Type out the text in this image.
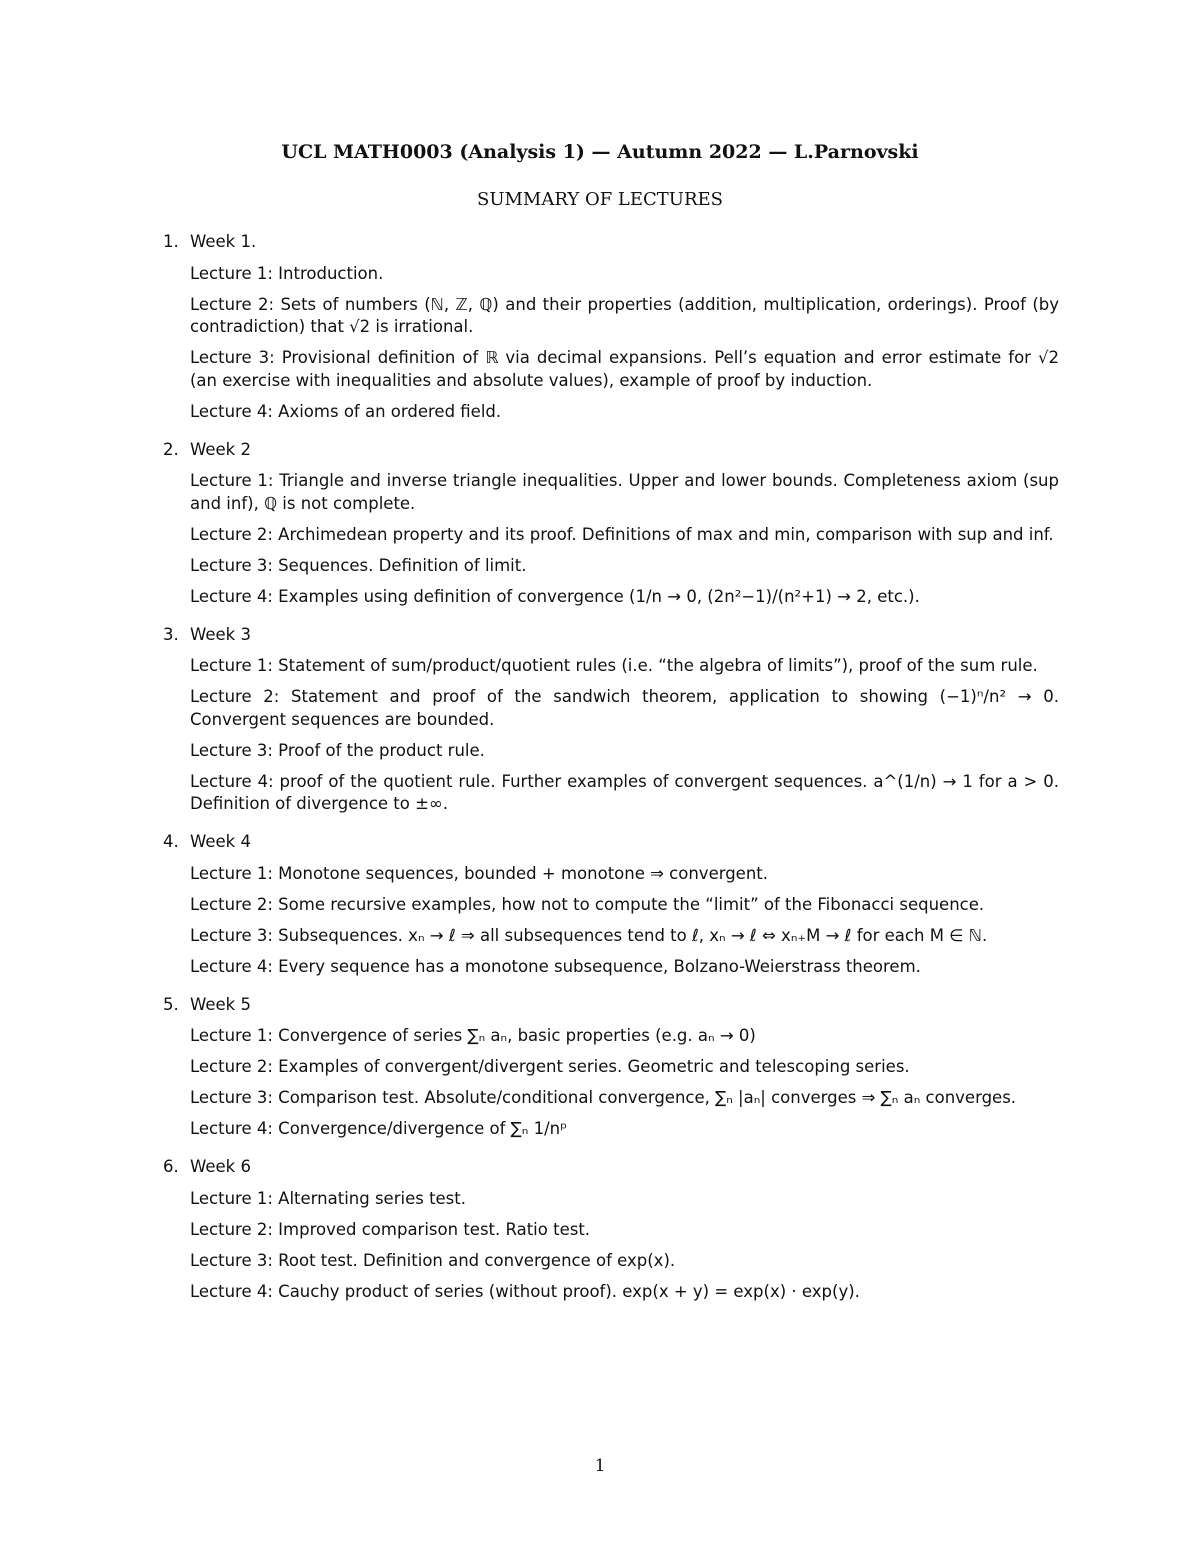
UCL MATH0003 (Analysis 1) — Autumn 2022 — L.Parnovski
SUMMARY OF LECTURES
1. Week 1.
Lecture 1: Introduction.
Lecture 2: Sets of numbers (ℕ, ℤ, ℚ) and their properties (addition, multiplication, orderings). Proof (by contradiction) that √2 is irrational.
Lecture 3: Provisional definition of ℝ via decimal expansions. Pell’s equation and error estimate for √2 (an exercise with inequalities and absolute values), example of proof by induction.
Lecture 4: Axioms of an ordered field.
2. Week 2
Lecture 1: Triangle and inverse triangle inequalities. Upper and lower bounds. Completeness axiom (sup and inf), ℚ is not complete.
Lecture 2: Archimedean property and its proof. Definitions of max and min, comparison with sup and inf.
Lecture 3: Sequences. Definition of limit.
Lecture 4: Examples using definition of convergence (1/n → 0, (2n²−1)/(n²+1) → 2, etc.).
3. Week 3
Lecture 1: Statement of sum/product/quotient rules (i.e. “the algebra of limits”), proof of the sum rule.
Lecture 2: Statement and proof of the sandwich theorem, application to showing (−1)ⁿ/n² → 0. Convergent sequences are bounded.
Lecture 3: Proof of the product rule.
Lecture 4: proof of the quotient rule. Further examples of convergent sequences. a^(1/n) → 1 for a > 0. Definition of divergence to ±∞.
4. Week 4
Lecture 1: Monotone sequences, bounded + monotone ⇒ convergent.
Lecture 2: Some recursive examples, how not to compute the “limit” of the Fibonacci sequence.
Lecture 3: Subsequences. xₙ → ℓ ⇒ all subsequences tend to ℓ, xₙ → ℓ ⇔ xₙ₊M → ℓ for each M ∈ ℕ.
Lecture 4: Every sequence has a monotone subsequence, Bolzano-Weierstrass theorem.
5. Week 5
Lecture 1: Convergence of series ∑ₙ aₙ, basic properties (e.g. aₙ → 0)
Lecture 2: Examples of convergent/divergent series. Geometric and telescoping series.
Lecture 3: Comparison test. Absolute/conditional convergence, ∑ₙ |aₙ| converges ⇒ ∑ₙ aₙ converges.
Lecture 4: Convergence/divergence of ∑ₙ 1/nᵖ
6. Week 6
Lecture 1: Alternating series test.
Lecture 2: Improved comparison test. Ratio test.
Lecture 3: Root test. Definition and convergence of exp(x).
Lecture 4: Cauchy product of series (without proof). exp(x + y) = exp(x) · exp(y).
1
